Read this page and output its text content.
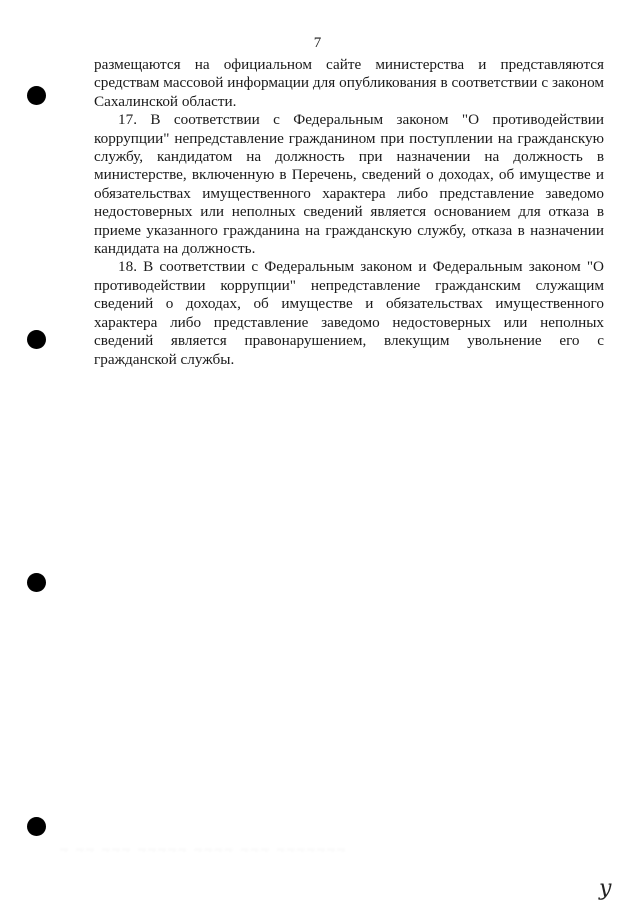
7

размещаются на официальном сайте министерства и представляются средствам массовой информации для опубликования в соответствии с законом Сахалинской области.

17. В соответствии с Федеральным законом "О противодействии коррупции" непредставление гражданином при поступлении на гражданскую службу, кандидатом на должность при назначении на должность в министерстве, включенную в Перечень, сведений о доходах, об имуществе и обязательствах имущественного характера либо представление заведомо недостоверных или неполных сведений является основанием для отказа в приеме указанного гражданина на гражданскую службу, отказа в назначении кандидата на должность.

18. В соответствии с Федеральным законом и Федеральным законом "О противодействии коррупции" непредставление гражданским служащим сведений о доходах, об имуществе и обязательствах имущественного характера либо представление заведомо недостоверных или неполных сведений является правонарушением, влекущим увольнение его с гражданской службы.

~ ~~ ~~~ ~~~~~ ~~~~ ~~~ ~~~~~~~
у
